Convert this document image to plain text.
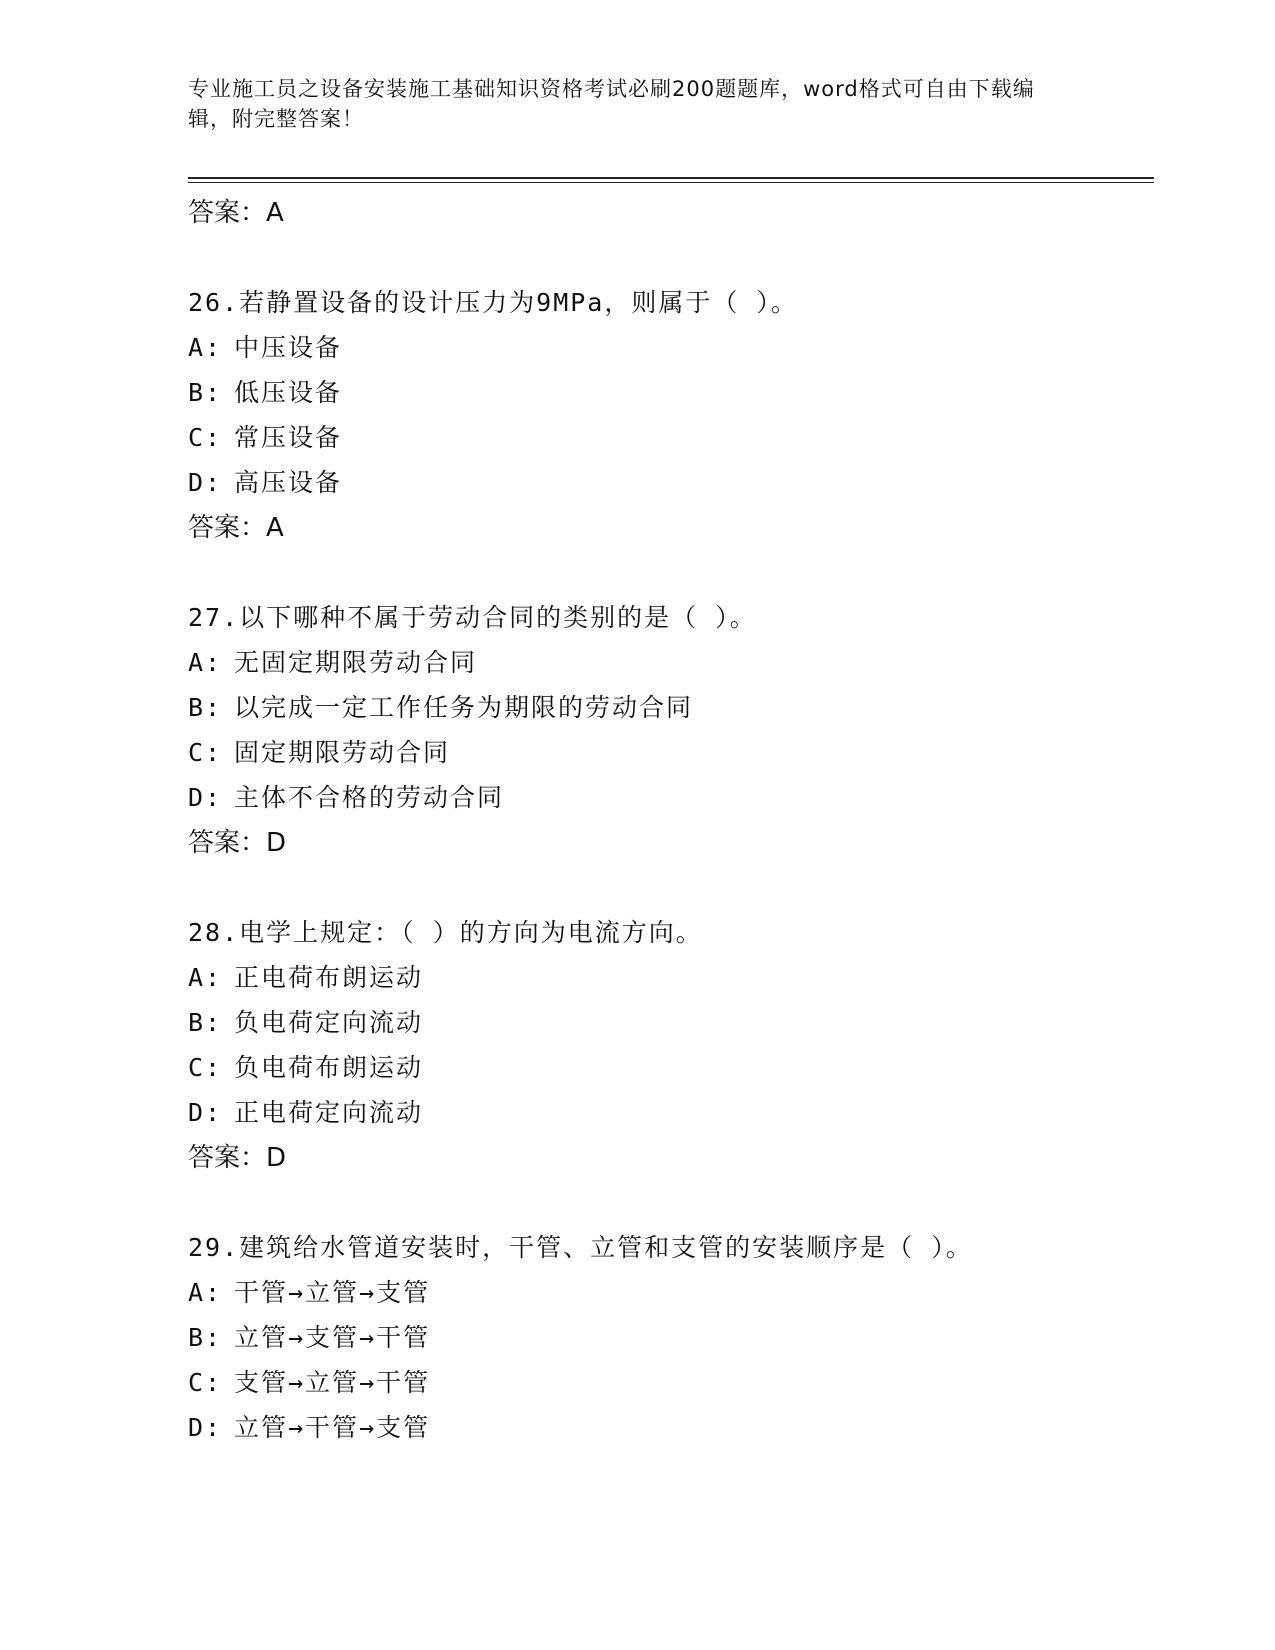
专业施工员之设备安装施工基础知识资格考试必刷200题题库，word格式可自由下载编辑，附完整答案！
答案：A
26.若静置设备的设计压力为9MPa，则属于（ ）。
A: 中压设备
B: 低压设备
C: 常压设备
D: 高压设备
答案：A
27.以下哪种不属于劳动合同的类别的是（ ）。
A: 无固定期限劳动合同
B: 以完成一定工作任务为期限的劳动合同
C: 固定期限劳动合同
D: 主体不合格的劳动合同
答案：D
28.电学上规定：（ ）的方向为电流方向。
A: 正电荷布朗运动
B: 负电荷定向流动
C: 负电荷布朗运动
D: 正电荷定向流动
答案：D
29.建筑给水管道安装时，干管、立管和支管的安装顺序是（ ）。
A: 干管→立管→支管
B: 立管→支管→干管
C: 支管→立管→干管
D: 立管→干管→支管
